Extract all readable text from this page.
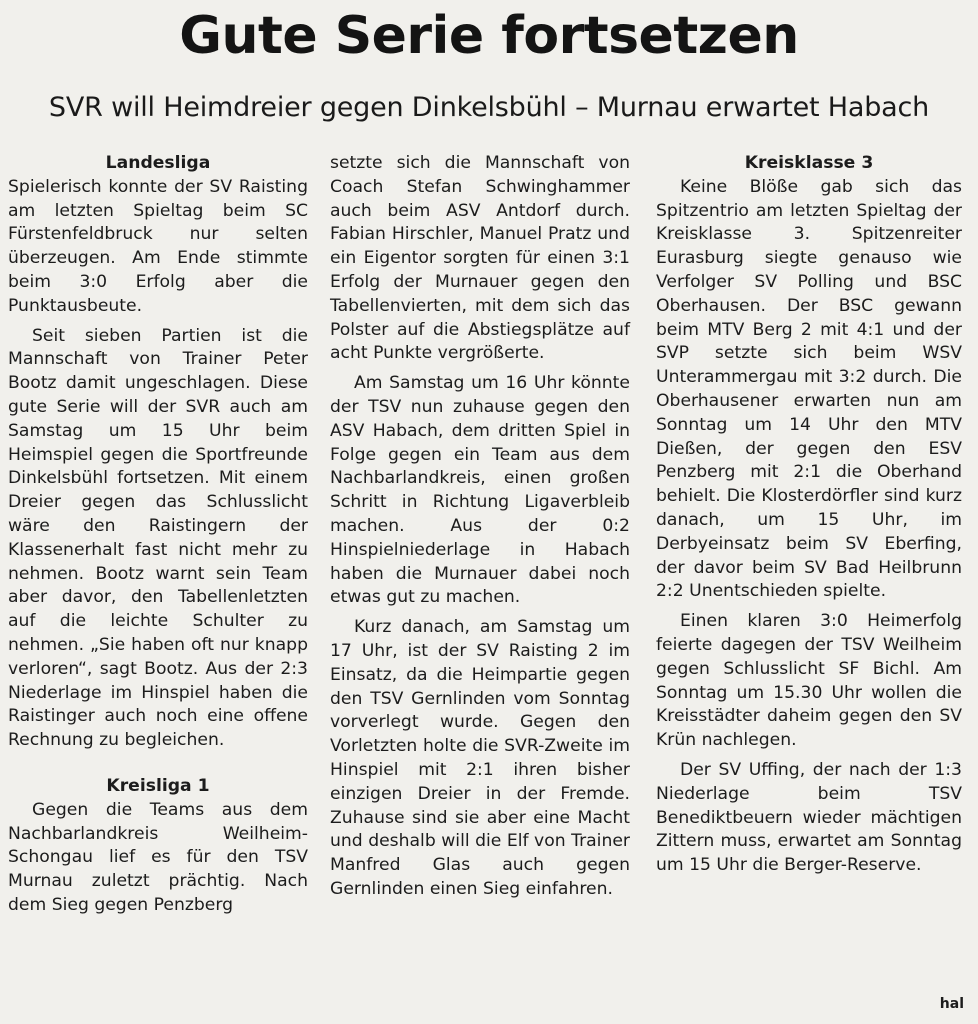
Gute Serie fortsetzen
SVR will Heimdreier gegen Dinkelsbühl – Murnau erwartet Habach
Landesliga

Spielerisch konnte der SV Raisting am letzten Spieltag beim SC Fürstenfeldbruck nur selten überzeugen. Am Ende stimmte beim 3:0 Erfolg aber die Punktausbeute.

Seit sieben Partien ist die Mannschaft von Trainer Peter Bootz damit ungeschlagen. Diese gute Serie will der SVR auch am Samstag um 15 Uhr beim Heimspiel gegen die Sportfreunde Dinkelsbühl fortsetzen. Mit einem Dreier gegen das Schlusslicht wäre den Raistingern der Klassenerhalt fast nicht mehr zu nehmen. Bootz warnt sein Team aber davor, den Tabellenletzten auf die leichte Schulter zu nehmen. „Sie haben oft nur knapp verloren“, sagt Bootz. Aus der 2:3 Niederlage im Hinspiel haben die Raistinger auch noch eine offene Rechnung zu begleichen.

Kreisliga 1

Gegen die Teams aus dem Nachbarlandkreis Weilheim-Schongau lief es für den TSV Murnau zuletzt prächtig. Nach dem Sieg gegen Penzberg

setzte sich die Mannschaft von Coach Stefan Schwinghammer auch beim ASV Antdorf durch. Fabian Hirschler, Manuel Pratz und ein Eigentor sorgten für einen 3:1 Erfolg der Murnauer gegen den Tabellenvierten, mit dem sich das Polster auf die Abstiegsplätze auf acht Punkte vergrößerte.

Am Samstag um 16 Uhr könnte der TSV nun zuhause gegen den ASV Habach, dem dritten Spiel in Folge gegen ein Team aus dem Nachbarlandkreis, einen großen Schritt in Richtung Ligaverbleib machen. Aus der 0:2 Hinspielniederlage in Habach haben die Murnauer dabei noch etwas gut zu machen.

Kurz danach, am Samstag um 17 Uhr, ist der SV Raisting 2 im Einsatz, da die Heimpartie gegen den TSV Gernlinden vom Sonntag vorverlegt wurde. Gegen den Vorletzten holte die SVR-Zweite im Hinspiel mit 2:1 ihren bisher einzigen Dreier in der Fremde. Zuhause sind sie aber eine Macht und deshalb will die Elf von Trainer Manfred Glas auch gegen Gernlinden einen Sieg einfahren.

Kreisklasse 3

Keine Blöße gab sich das Spitzentrio am letzten Spieltag der Kreisklasse 3. Spitzenreiter Eurasburg siegte genauso wie Verfolger SV Polling und BSC Oberhausen. Der BSC gewann beim MTV Berg 2 mit 4:1 und der SVP setzte sich beim WSV Unterammergau mit 3:2 durch. Die Oberhausener erwarten nun am Sonntag um 14 Uhr den MTV Dießen, der gegen den ESV Penzberg mit 2:1 die Oberhand behielt. Die Klosterdörfler sind kurz danach, um 15 Uhr, im Derbyeinsatz beim SV Eberfing, der davor beim SV Bad Heilbrunn 2:2 Unentschieden spielte.

Einen klaren 3:0 Heimerfolg feierte dagegen der TSV Weilheim gegen Schlusslicht SF Bichl. Am Sonntag um 15.30 Uhr wollen die Kreisstädter daheim gegen den SV Krün nachlegen.

Der SV Uffing, der nach der 1:3 Niederlage beim TSV Benediktbeuern wieder mächtigen Zittern muss, erwartet am Sonntag um 15 Uhr die Berger-Reserve.

hal
